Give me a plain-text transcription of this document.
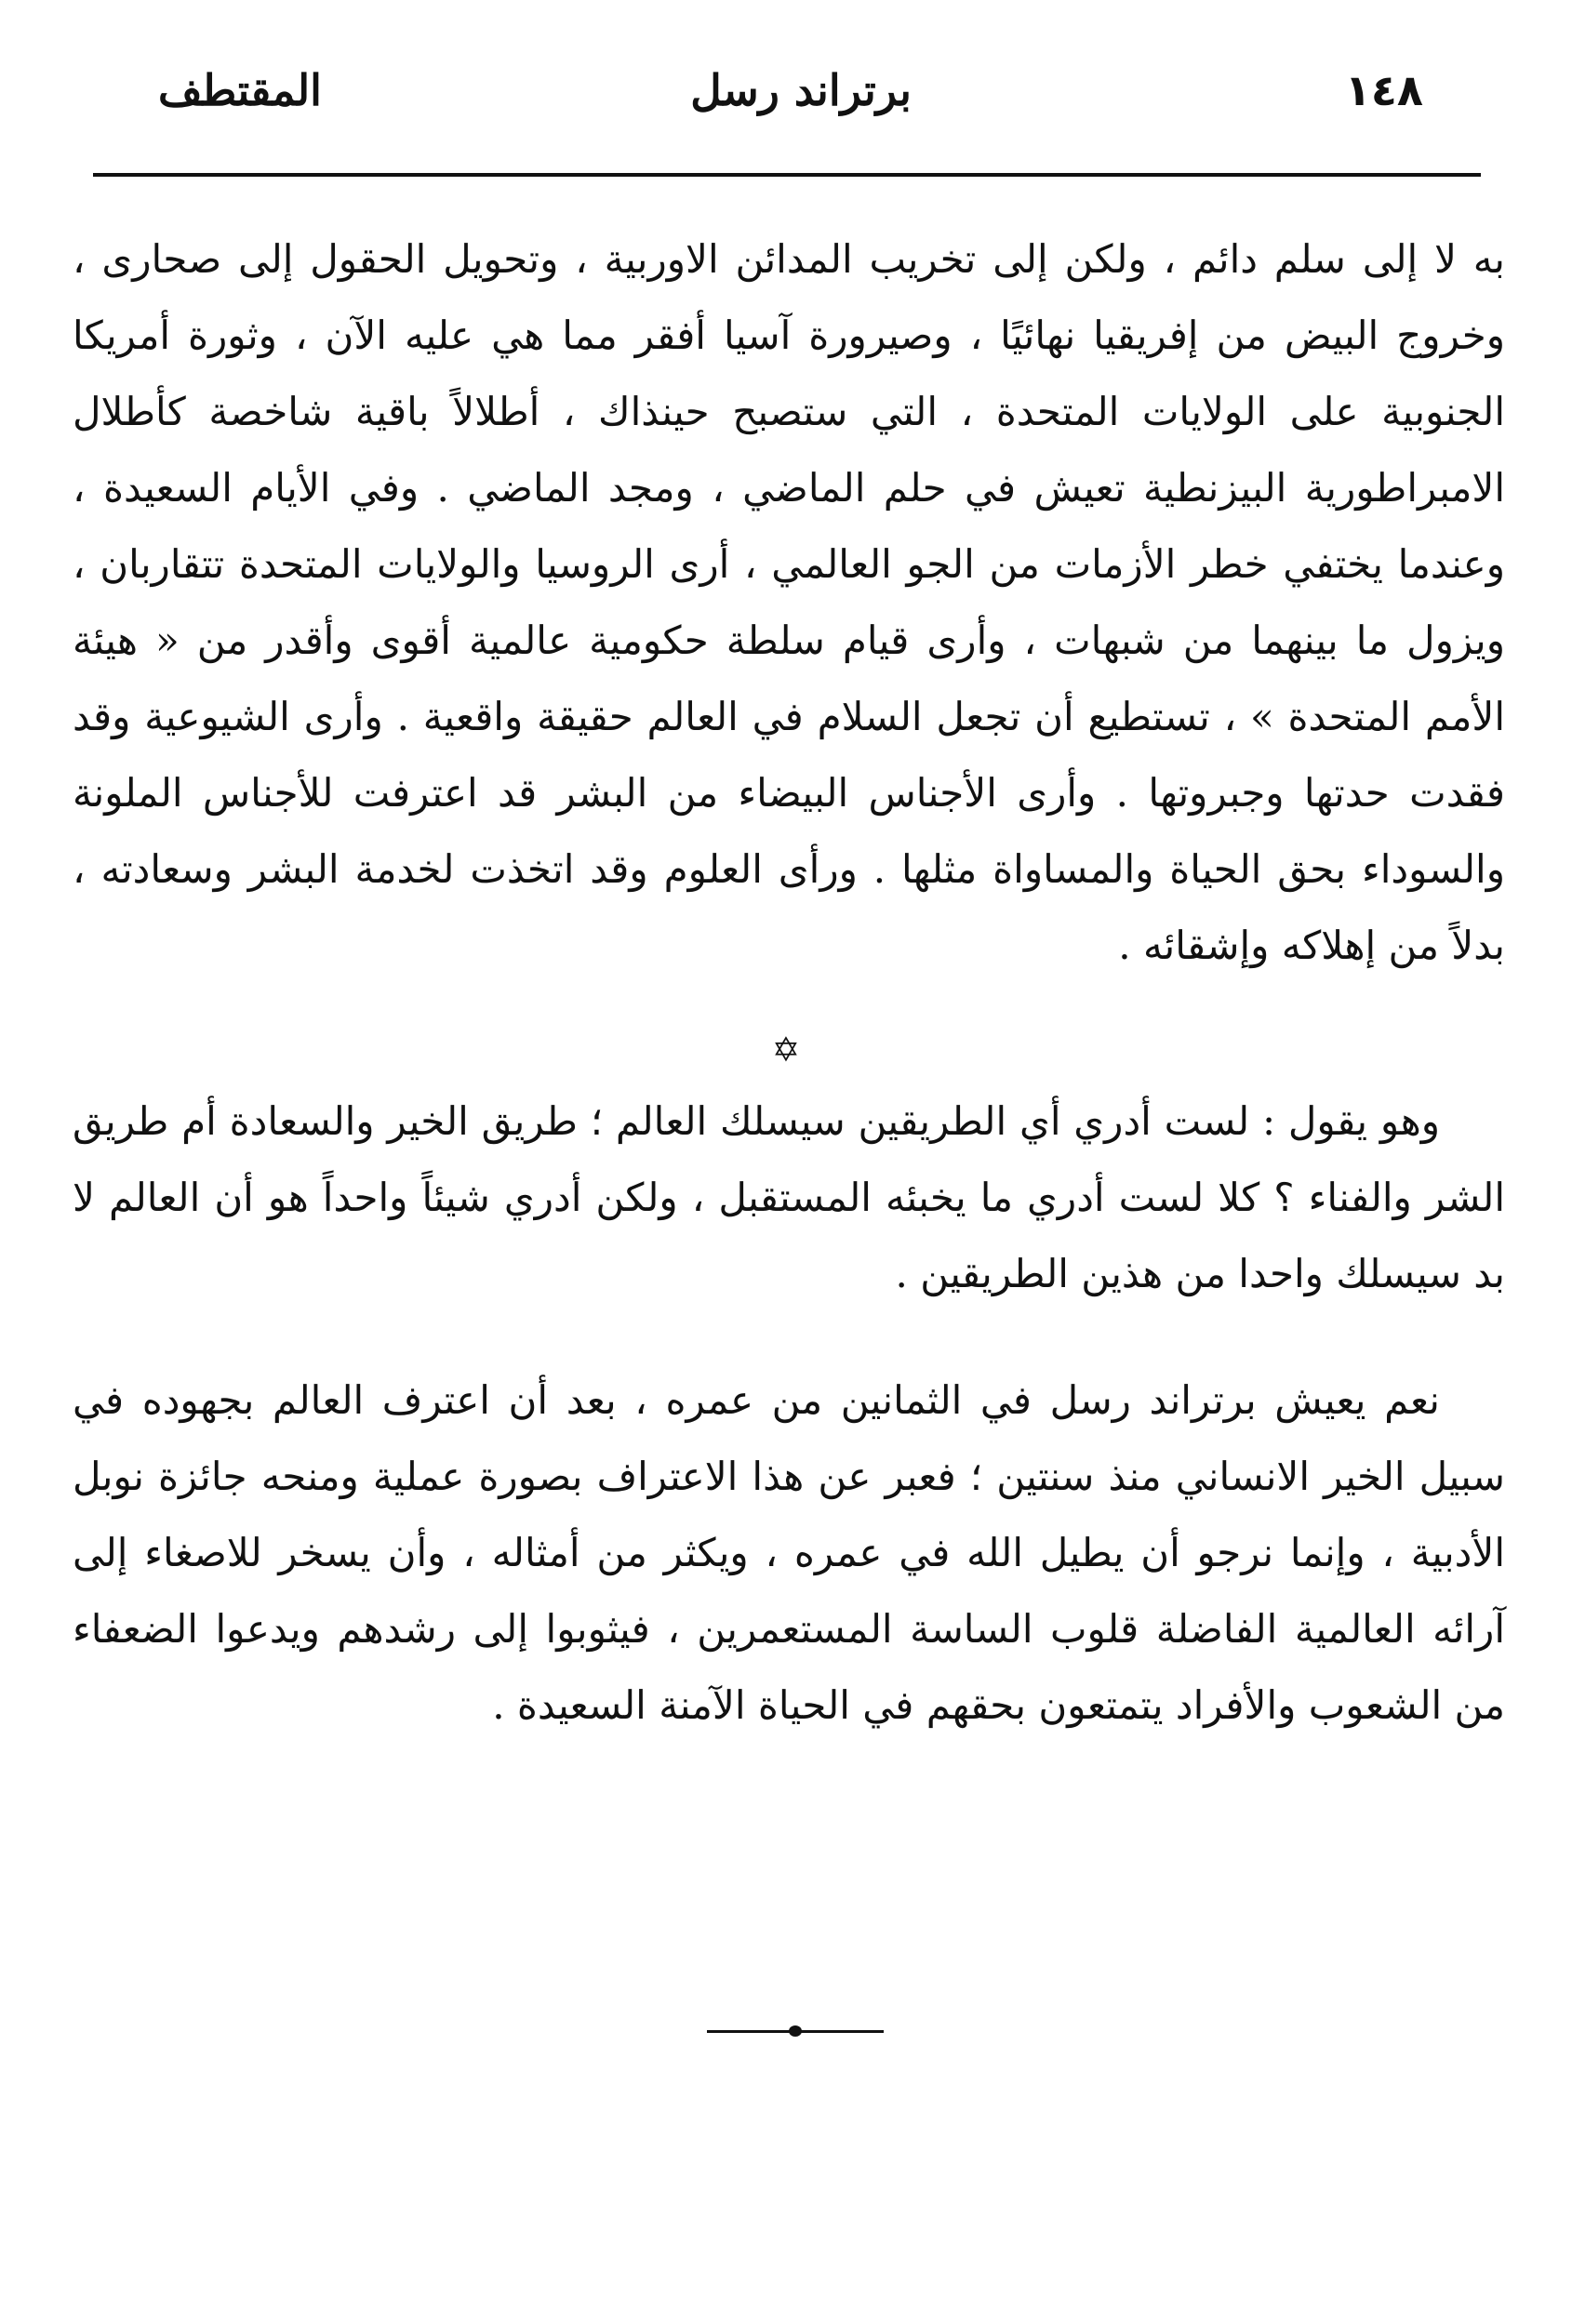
١٤٨
برتراند رسل
المقتطف

به لا إلى سلم دائم ، ولكن إلى تخريب المدائن الاوربية ، وتحويل الحقول إلى صحارى ، وخروج البيض من إفريقيا نهائيًا ، وصيرورة آسيا أفقر مما هي عليه الآن ، وثورة أمريكا الجنوبية على الولايات المتحدة ، التي ستصبح حينذاك ، أطلالاً باقية شاخصة كأطلال الامبراطورية البيزنطية تعيش في حلم الماضي ، ومجد الماضي . وفي الأيام السعيدة ، وعندما يختفي خطر الأزمات من الجو العالمي ، أرى الروسيا والولايات المتحدة تتقاربان ، ويزول ما بينهما من شبهات ، وأرى قيام سلطة حكومية عالمية أقوى وأقدر من « هيئة الأمم المتحدة » ، تستطيع أن تجعل السلام في العالم حقيقة واقعية . وأرى الشيوعية وقد فقدت حدتها وجبروتها . وأرى الأجناس البيضاء من البشر قد اعترفت للأجناس الملونة والسوداء بحق الحياة والمساواة مثلها . ورأى العلوم وقد اتخذت لخدمة البشر وسعادته ، بدلاً من إهلاكه وإشقائه .

✡

وهو يقول : لست أدري أي الطريقين سيسلك العالم ؛ طريق الخير والسعادة أم طريق الشر والفناء ؟ كلا لست أدري ما يخبئه المستقبل ، ولكن أدري شيئاً واحداً هو أن العالم لا بد سيسلك واحدا من هذين الطريقين .

نعم يعيش برتراند رسل في الثمانين من عمره ، بعد أن اعترف العالم بجهوده في سبيل الخير الانساني منذ سنتين ؛ فعبر عن هذا الاعتراف بصورة عملية ومنحه جائزة نوبل الأدبية ، وإنما نرجو أن يطيل الله في عمره ، ويكثر من أمثاله ، وأن يسخر للاصغاء إلى آرائه العالمية الفاضلة قلوب الساسة المستعمرين ، فيثوبوا إلى رشدهم ويدعوا الضعفاء من الشعوب والأفراد يتمتعون بحقهم في الحياة الآمنة السعيدة .
